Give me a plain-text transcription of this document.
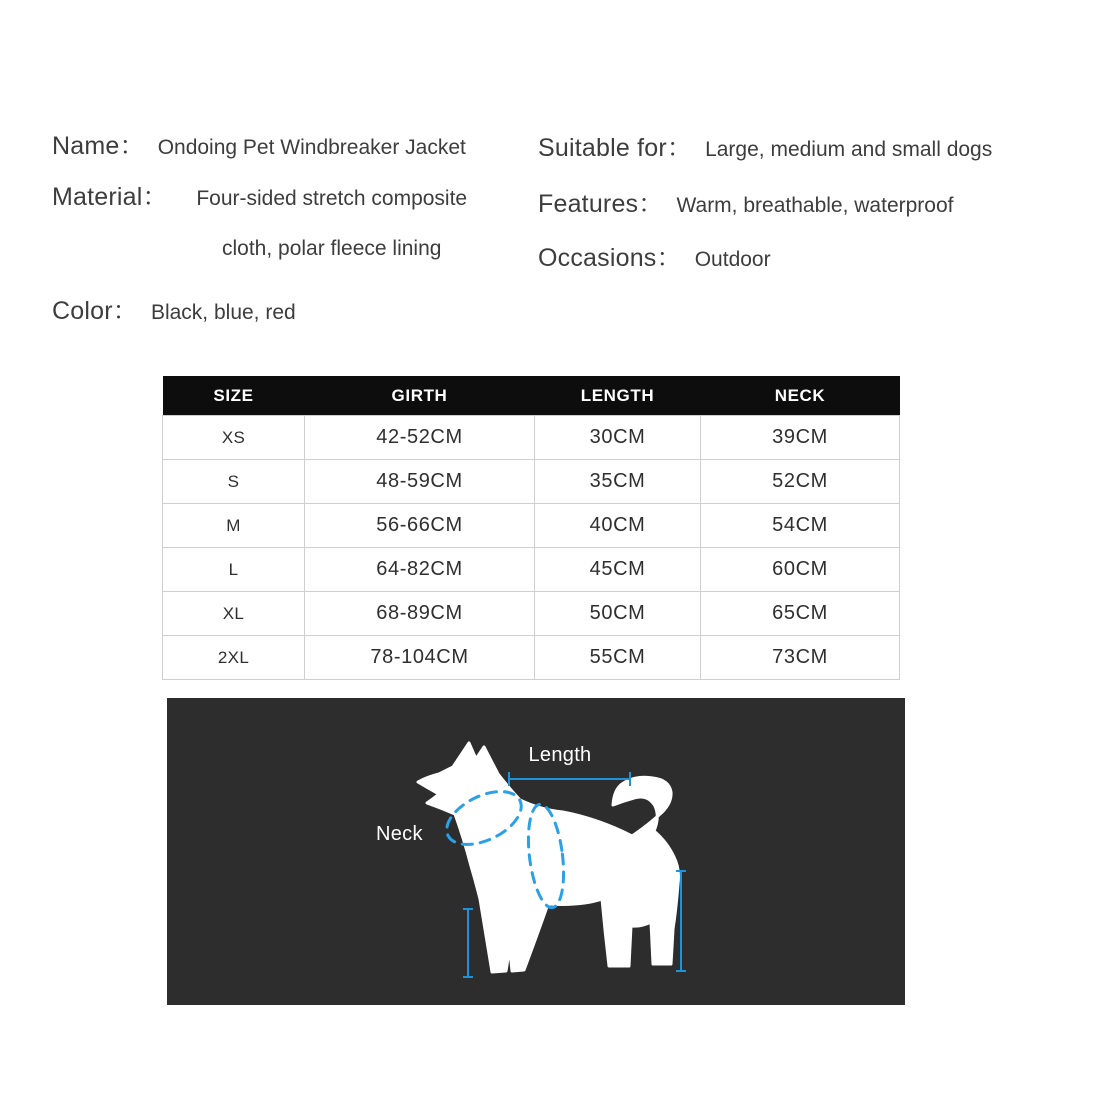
Name： Ondoing Pet Windbreaker Jacket
Material：	Four-sided stretch composite cloth, polar fleece lining
Color： Black, blue, red
Suitable for： Large, medium and small dogs
Features： Warm, breathable, waterproof
Occasions： Outdoor
SIZE	GIRTH	LENGTH	NECK
XS	42-52CM	30CM	39CM
S	48-59CM	35CM	52CM
M	56-66CM	40CM	54CM
L	64-82CM	45CM	60CM
XL	68-89CM	50CM	65CM
2XL	78-104CM	55CM	73CM
Length
Neck
Girth
